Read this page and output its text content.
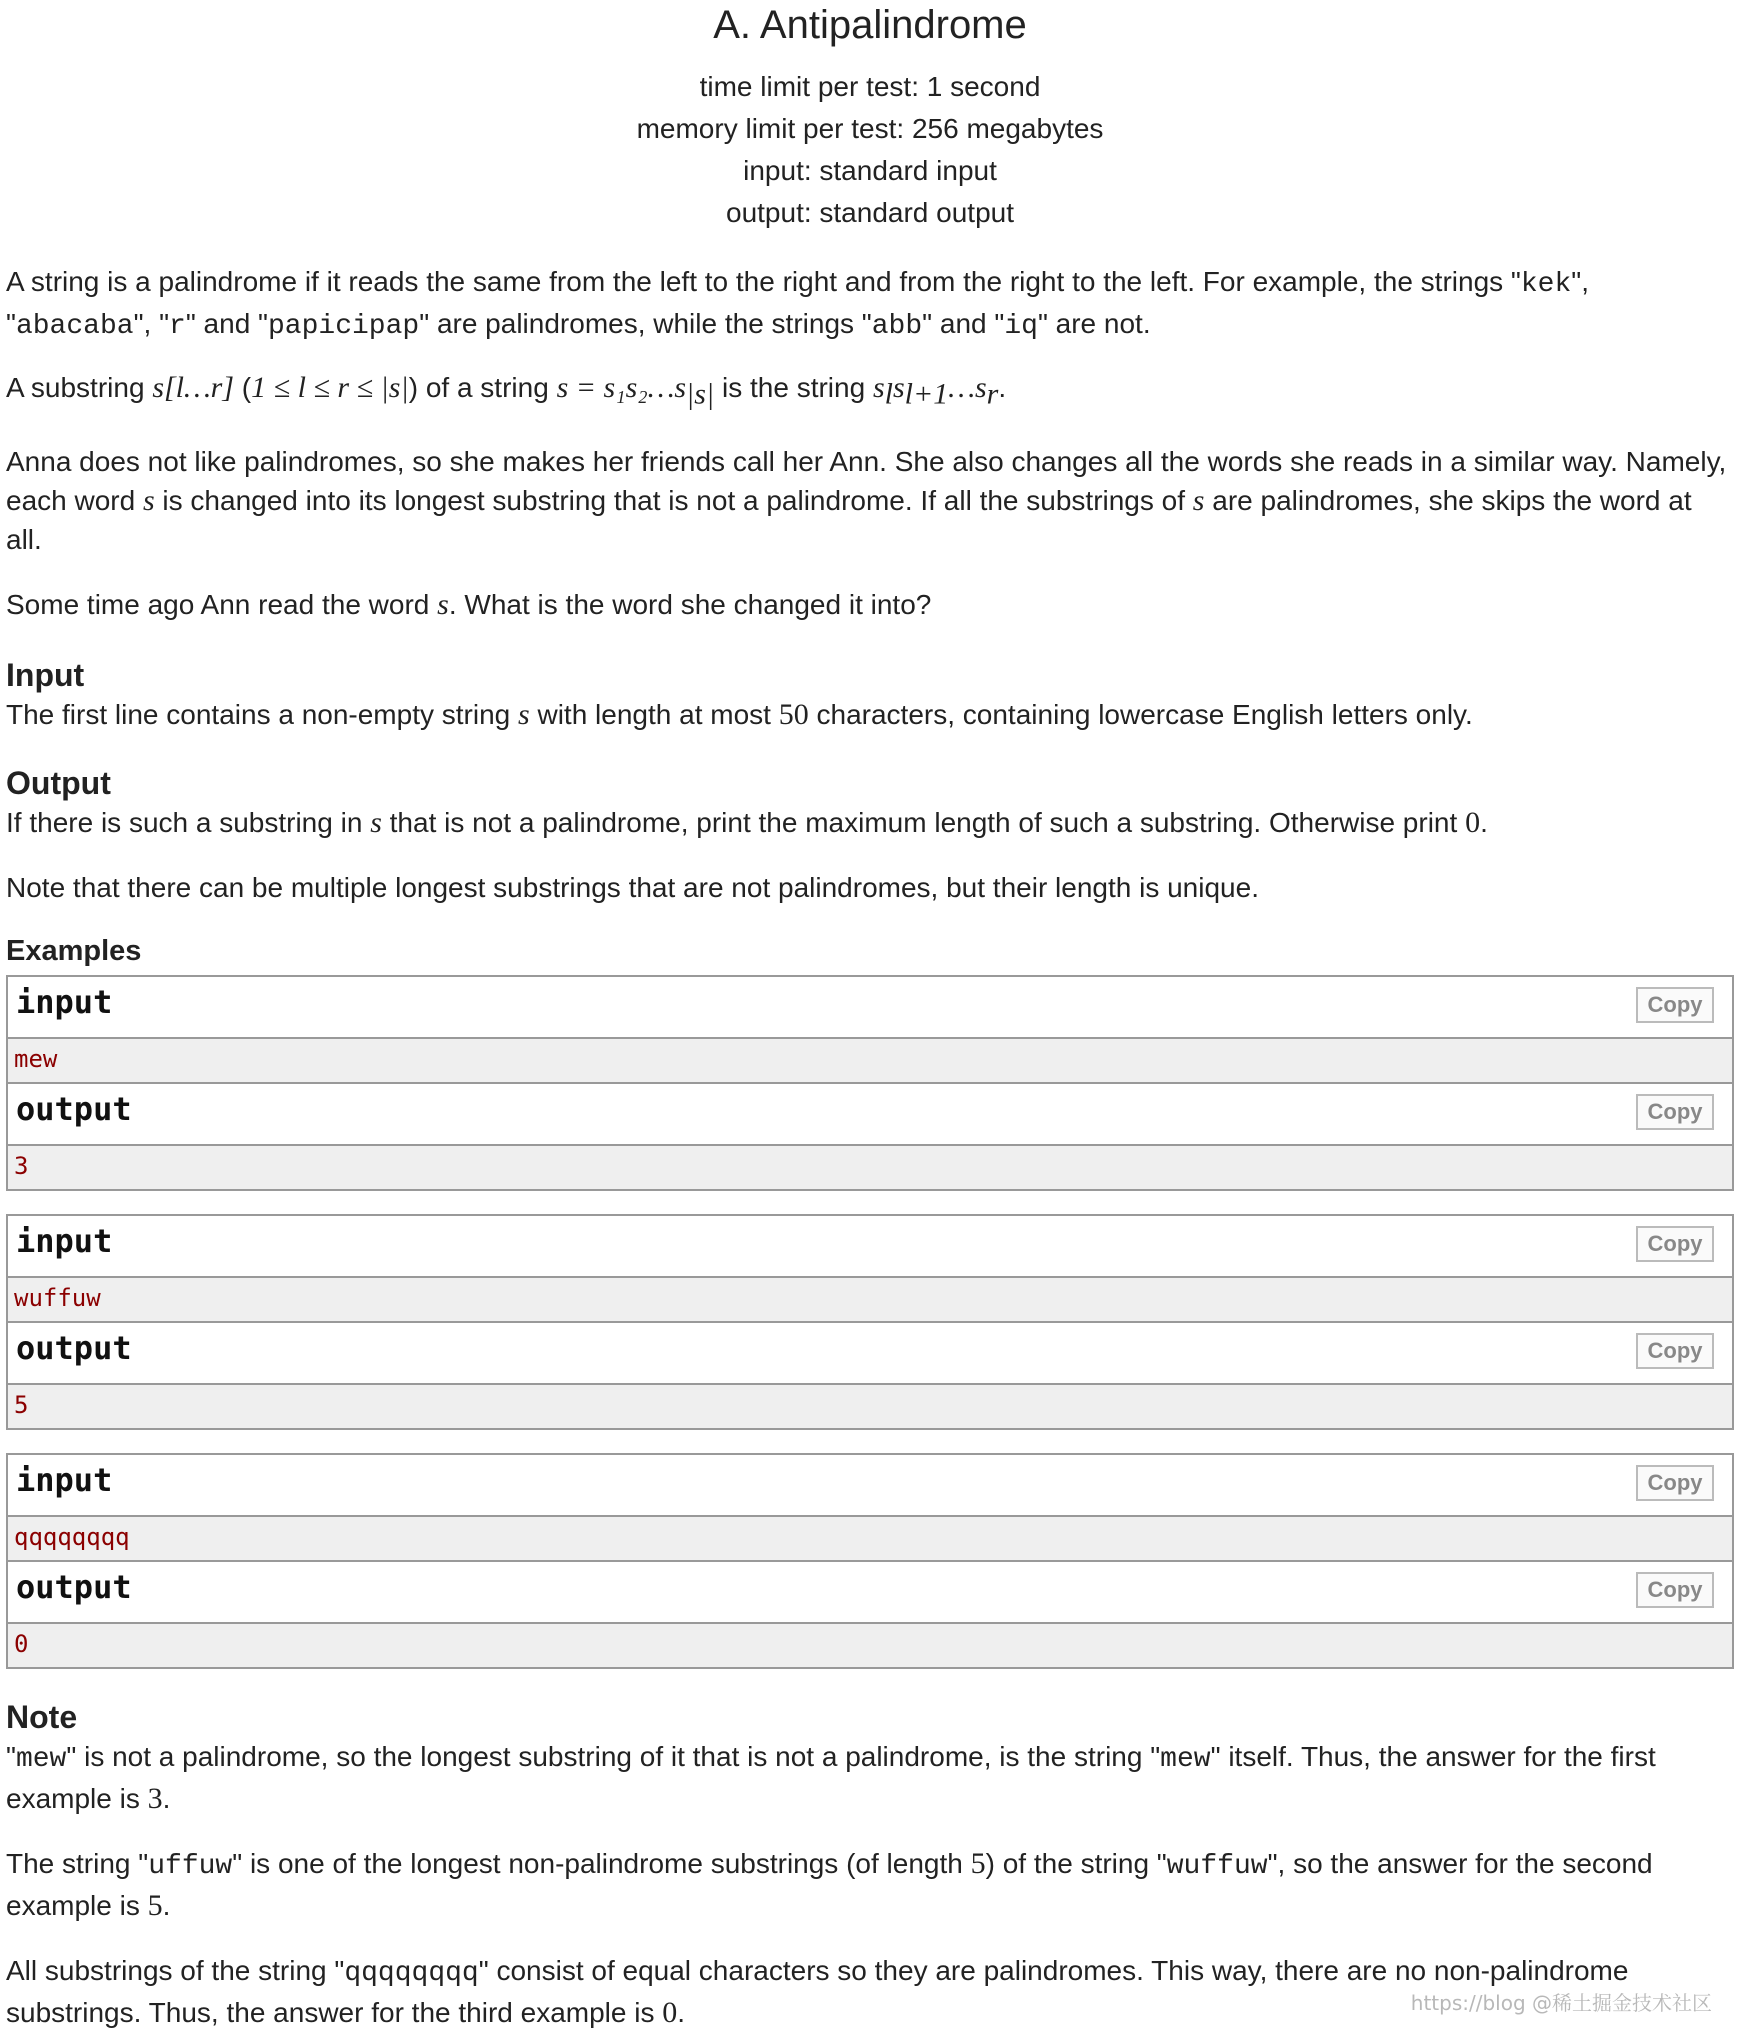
A. Antipalindrome
time limit per test: 1 second
memory limit per test: 256 megabytes
input: standard input
output: standard output

A string is a palindrome if it reads the same from the left to the right and from the right to the left. For example, the strings "kek", "abacaba", "r" and "papicipap" are palindromes, while the strings "abb" and "iq" are not.

A substring s[l…r] (1 ≤ l ≤ r ≤ |s|) of a string $s = s_1s_2\dots s_{|s|}$ is the string $s_ls_{l+1}\dots s_r$.

Anna does not like palindromes, so she makes her friends call her Ann. She also changes all the words she reads in a similar way. Namely, each word s is changed into its longest substring that is not a palindrome. If all the substrings of s are palindromes, she skips the word at all.

Some time ago Ann read the word s. What is the word she changed it into?

Input

The first line contains a non-empty string s with length at most 50 characters, containing lowercase English letters only.

Output

If there is such a substring in s that is not a palindrome, print the maximum length of such a substring. Otherwise print 0.

Note that there can be multiple longest substrings that are not palindromes, but their length is unique.

Examples
input	Copy
mew
output	Copy
3
input	Copy
wuffuw
output	Copy
5
input	Copy
qqqqqqqq
output	Copy
0
Note

"mew" is not a palindrome, so the longest substring of it that is not a palindrome, is the string "mew" itself. Thus, the answer for the first example is 3.

The string "uffuw" is one of the longest non-palindrome substrings (of length 5) of the string "wuffuw", so the answer for the second example is 5.

All substrings of the string "qqqqqqqq" consist of equal characters so they are palindromes. This way, there are no non-palindrome substrings. Thus, the answer for the third example is 0.	https://blog @稀土掘金技术社区
